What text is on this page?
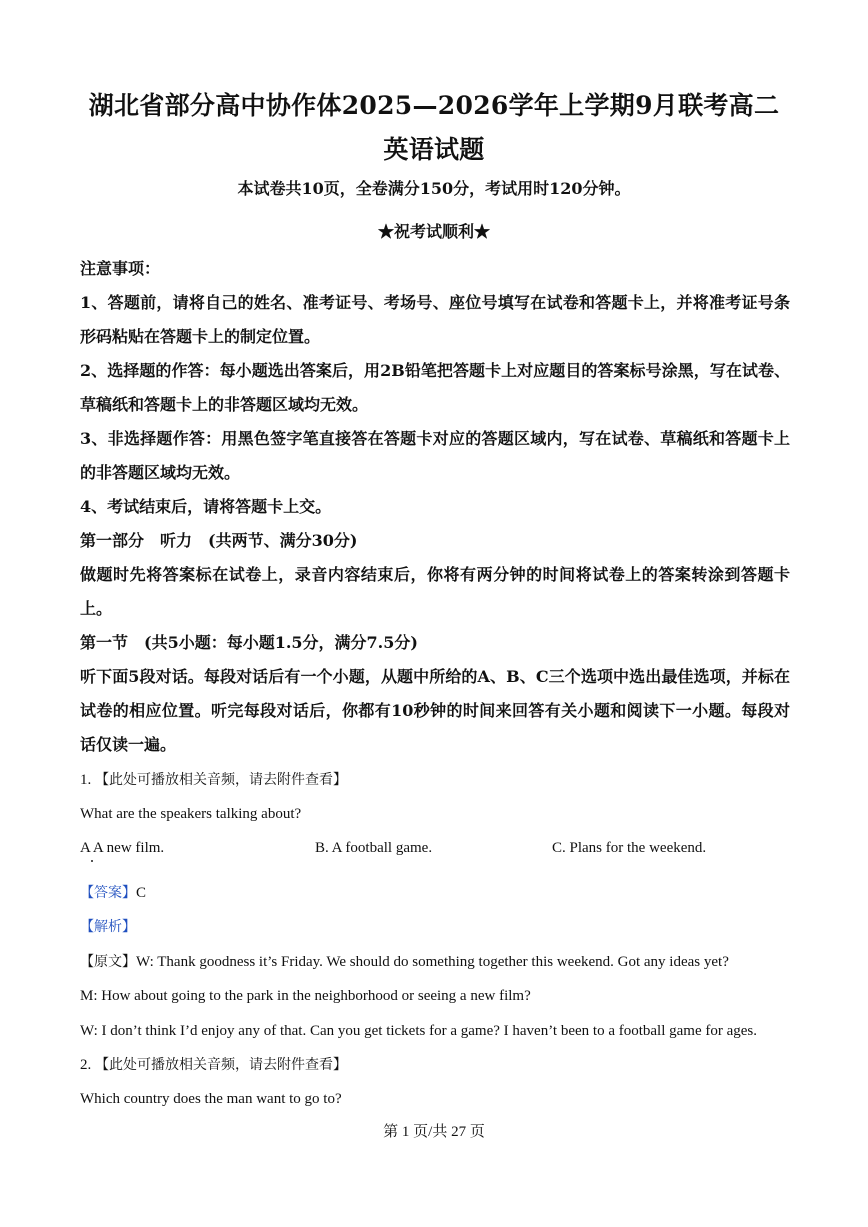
湖北省部分高中协作体2025—2026学年上学期9月联考高二英语试题
本试卷共10页，全卷满分150分，考试用时120分钟。
★祝考试顺利★
注意事项：
1、答题前，请将自己的姓名、准考证号、考场号、座位号填写在试卷和答题卡上，并将准考证号条形码粘贴在答题卡上的制定位置。
2、选择题的作答：每小题选出答案后，用2B铅笔把答题卡上对应题目的答案标号涂黑，写在试卷、草稿纸和答题卡上的非答题区域均无效。
3、非选择题作答：用黑色签字笔直接答在答题卡对应的答题区域内，写在试卷、草稿纸和答题卡上的非答题区域均无效。
4、考试结束后，请将答题卡上交。
第一部分　听力　(共两节、满分30分)
做题时先将答案标在试卷上，录音内容结束后，你将有两分钟的时间将试卷上的答案转涂到答题卡上。
第一节　(共5小题：每小题1.5分，满分7.5分)
听下面5段对话。每段对话后有一个小题，从题中所给的A、B、C三个选项中选出最佳选项，并标在试卷的相应位置。听完每段对话后，你都有10秒钟的时间来回答有关小题和阅读下一小题。每段对话仅读一遍。
1. 【此处可播放相关音频，请去附件查看】
What are the speakers talking about?
A A new film.	B. A football game.	C. Plans for the weekend.
【答案】C
【解析】
【原文】W: Thank goodness it’s Friday. We should do something together this weekend. Got any ideas yet?
M: How about going to the park in the neighborhood or seeing a new film?
W: I don’t think I’d enjoy any of that. Can you get tickets for a game? I haven’t been to a football game for ages.
2. 【此处可播放相关音频，请去附件查看】
Which country does the man want to go to?
第 1 页/共 27 页
